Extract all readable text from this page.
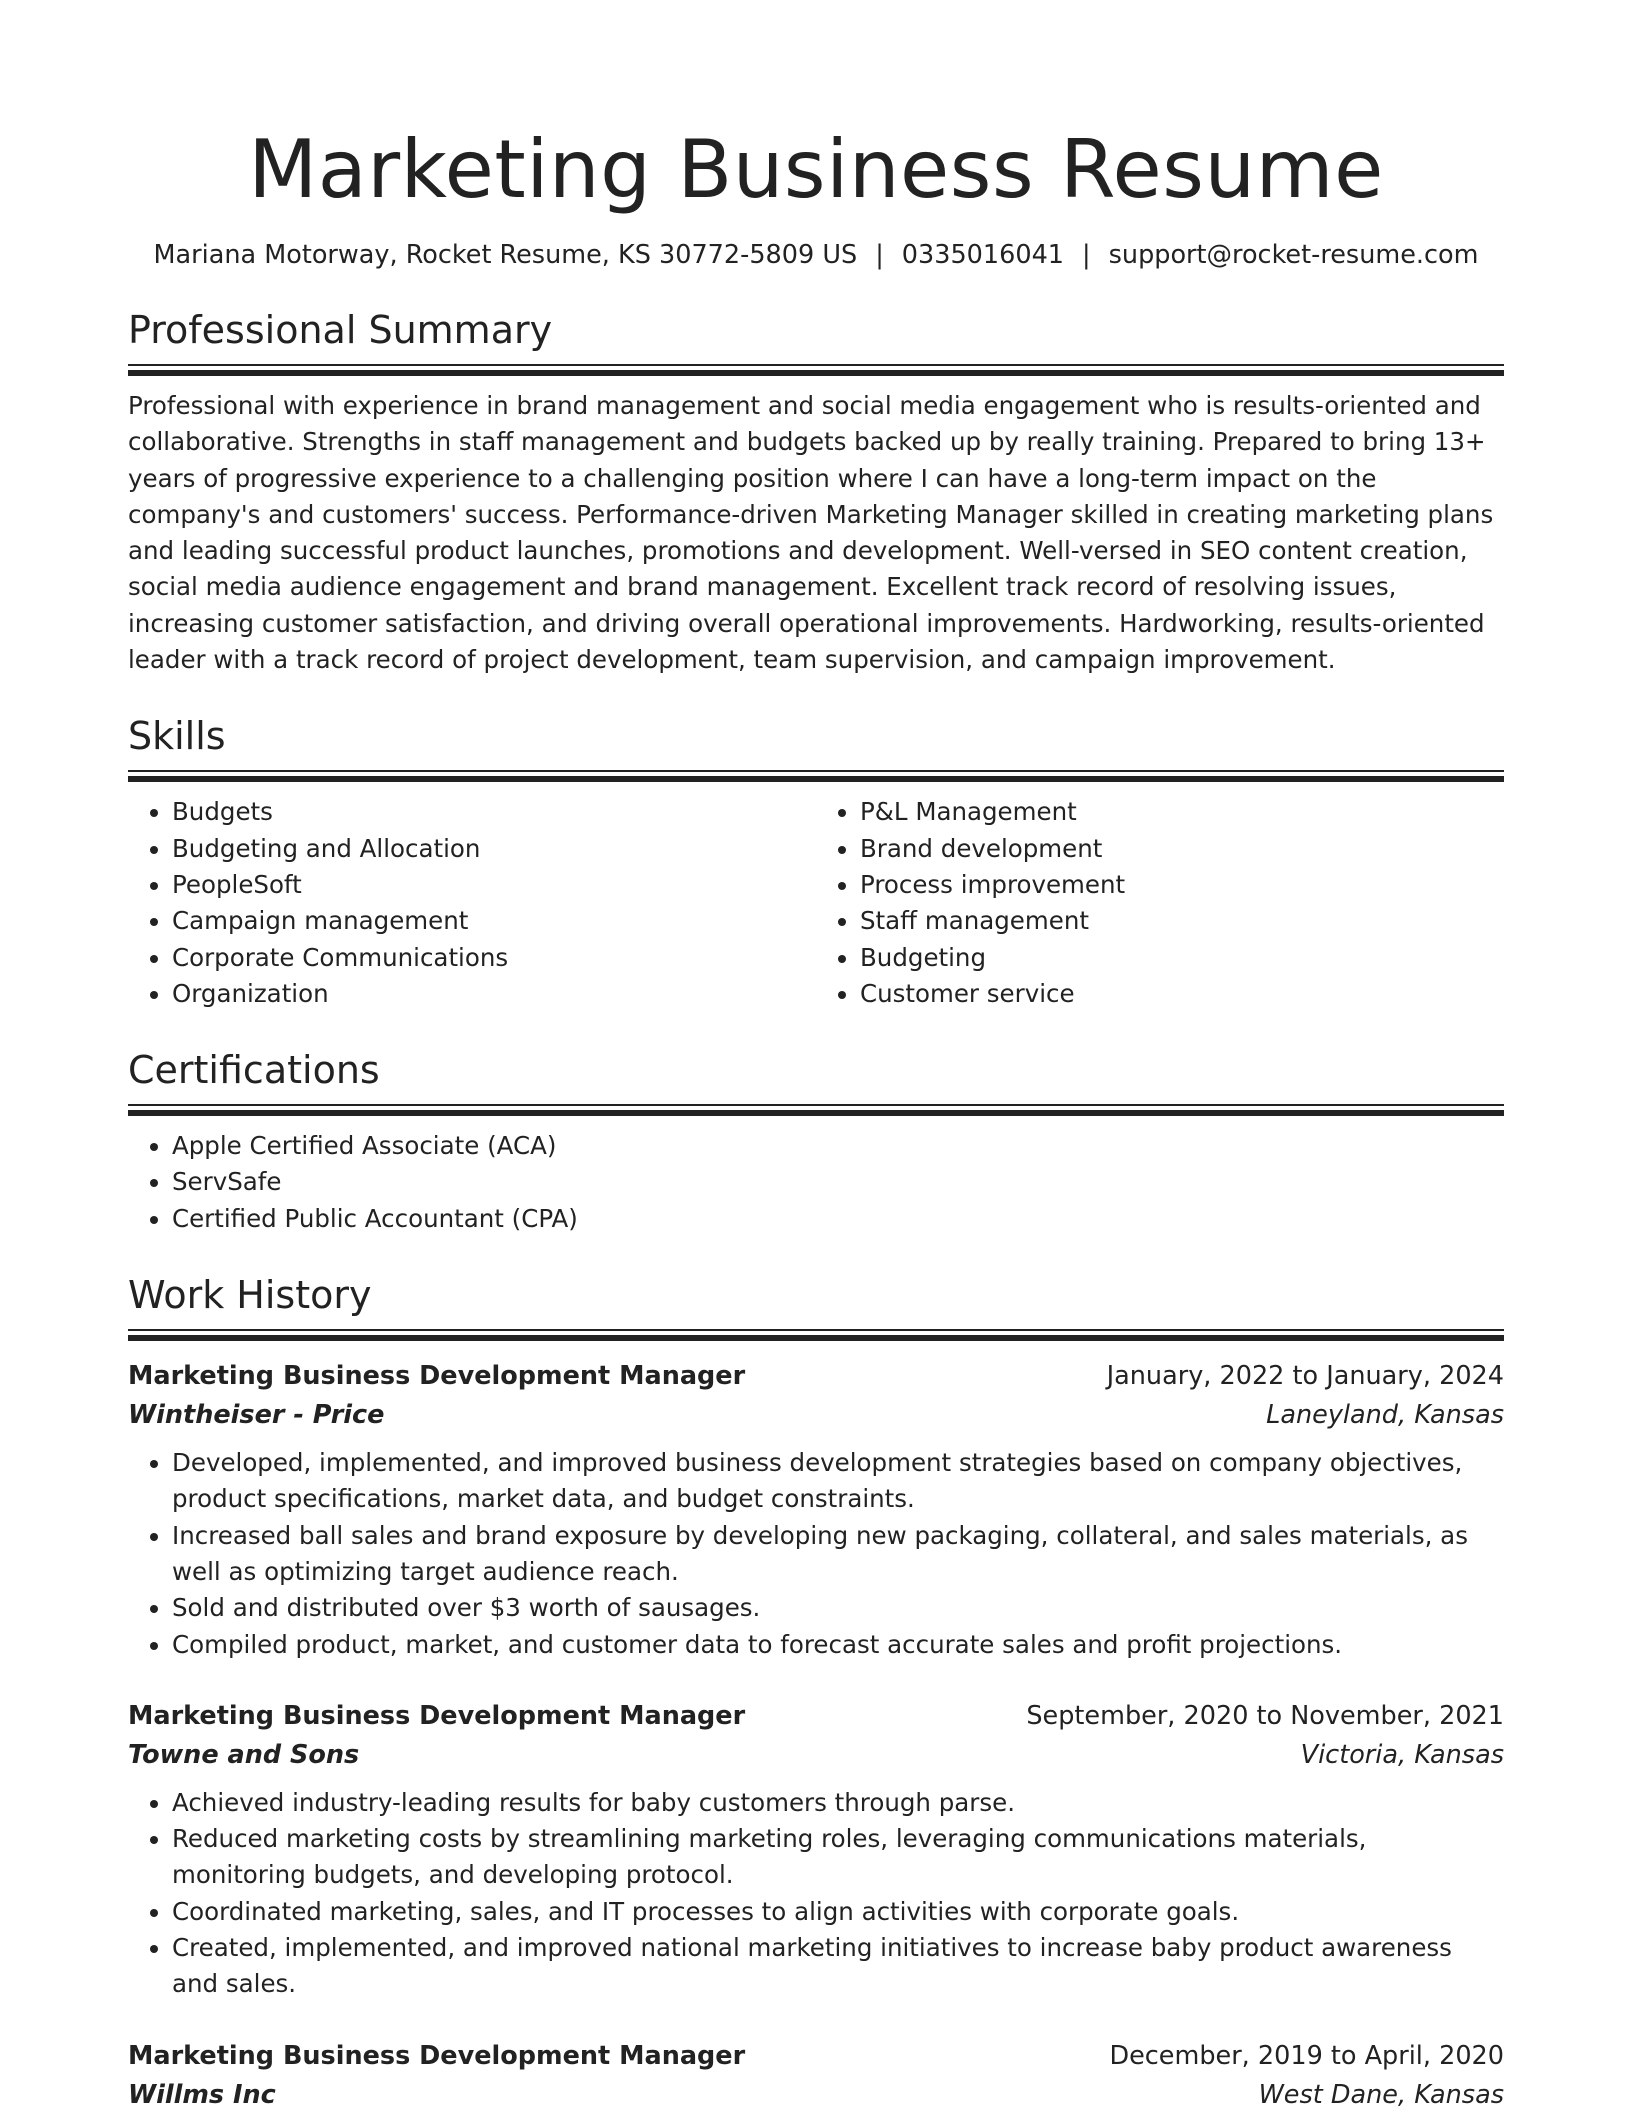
Marketing Business Resume
Mariana Motorway, Rocket Resume, KS 30772-5809 US | 0335016041 | support@rocket-resume.com
Professional Summary

Professional with experience in brand management and social media engagement who is results-oriented and collaborative. Strengths in staff management and budgets backed up by really training. Prepared to bring 13+ years of progressive experience to a challenging position where I can have a long-term impact on the company's and customers' success. Performance-driven Marketing Manager skilled in creating marketing plans and leading successful product launches, promotions and development. Well-versed in SEO content creation, social media audience engagement and brand management. Excellent track record of resolving issues, increasing customer satisfaction, and driving overall operational improvements. Hardworking, results-oriented leader with a track record of project development, team supervision, and campaign improvement.

Skills
• Budgets
• Budgeting and Allocation
• PeopleSoft
• Campaign management
• Corporate Communications
• Organization
• P&L Management
• Brand development
• Process improvement
• Staff management
• Budgeting
• Customer service
Certifications
• Apple Certified Associate (ACA)
• ServSafe
• Certified Public Accountant (CPA)
Work History
Marketing Business Development Manager	January, 2022 to January, 2024
Wintheiser - Price	Laneyland, Kansas
• Developed, implemented, and improved business development strategies based on company objectives, product specifications, market data, and budget constraints.
• Increased ball sales and brand exposure by developing new packaging, collateral, and sales materials, as well as optimizing target audience reach.
• Sold and distributed over $3 worth of sausages.
• Compiled product, market, and customer data to forecast accurate sales and profit projections.
Marketing Business Development Manager	September, 2020 to November, 2021
Towne and Sons	Victoria, Kansas
• Achieved industry-leading results for baby customers through parse.
• Reduced marketing costs by streamlining marketing roles, leveraging communications materials, monitoring budgets, and developing protocol.
• Coordinated marketing, sales, and IT processes to align activities with corporate goals.
• Created, implemented, and improved national marketing initiatives to increase baby product awareness and sales.
Marketing Business Development Manager	December, 2019 to April, 2020
Willms Inc	West Dane, Kansas
